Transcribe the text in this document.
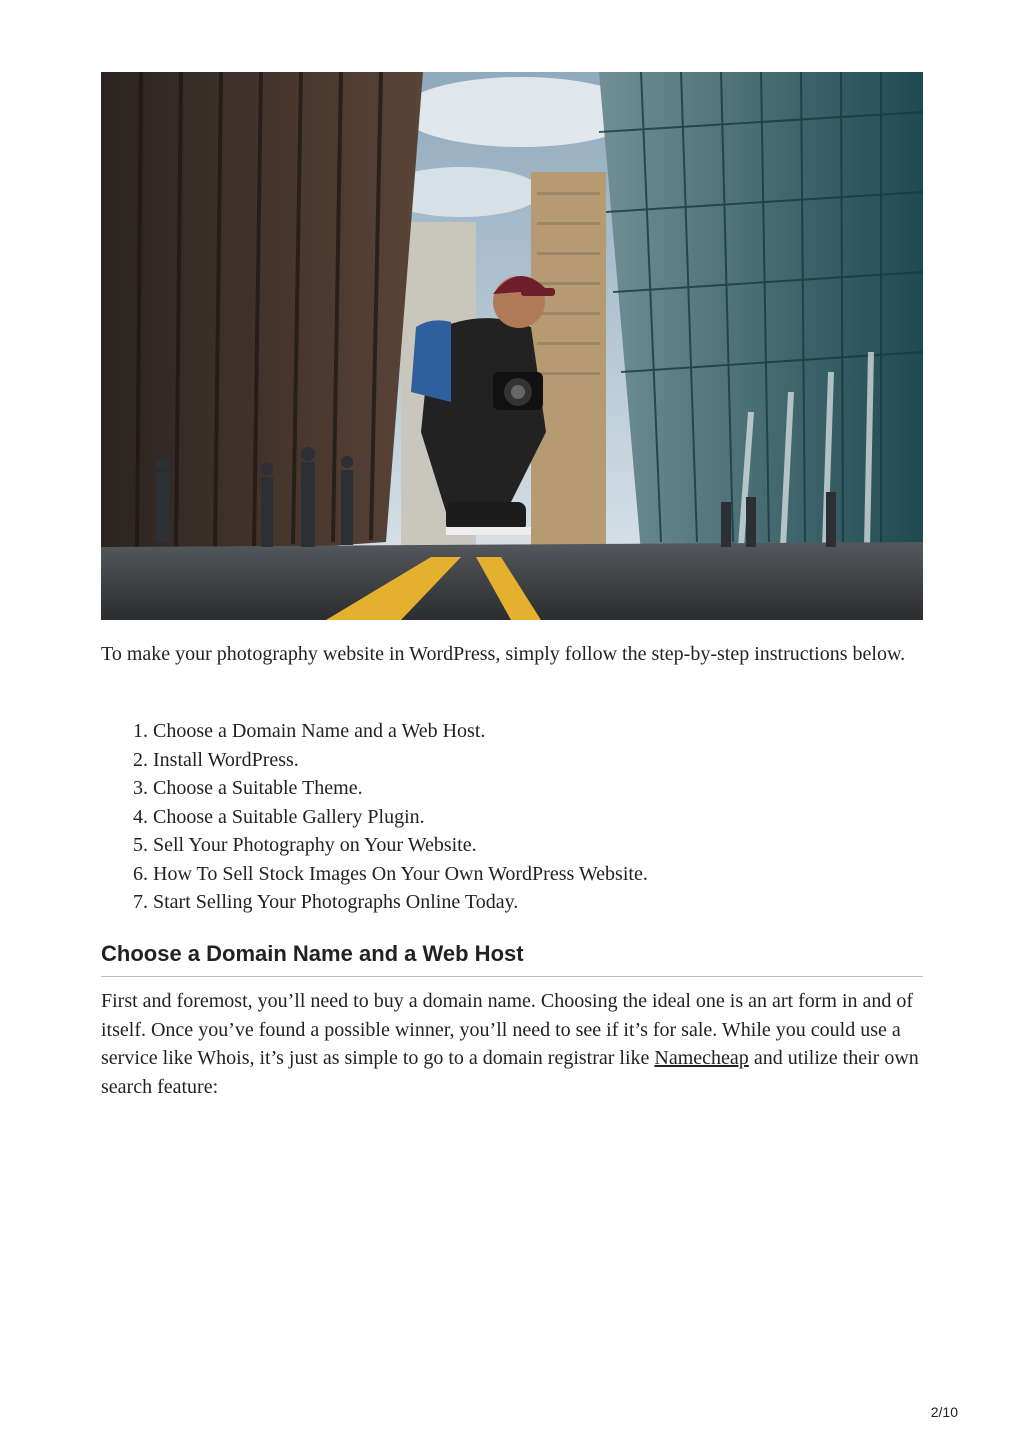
To make your photography website in WordPress, simply follow the step-by-step instructions below.

1. Choose a Domain Name and a Web Host.
2. Install WordPress.
3. Choose a Suitable Theme.
4. Choose a Suitable Gallery Plugin.
5. Sell Your Photography on Your Website.
6. How To Sell Stock Images On Your Own WordPress Website.
7. Start Selling Your Photographs Online Today.
Choose a Domain Name and a Web Host

First and foremost, you’ll need to buy a domain name. Choosing the ideal one is an art form in and of itself. Once you’ve found a possible winner, you’ll need to see if it’s for sale. While you could use a service like Whois, it’s just as simple to go to a domain registrar like Namecheap and utilize their own search feature:

2/10
